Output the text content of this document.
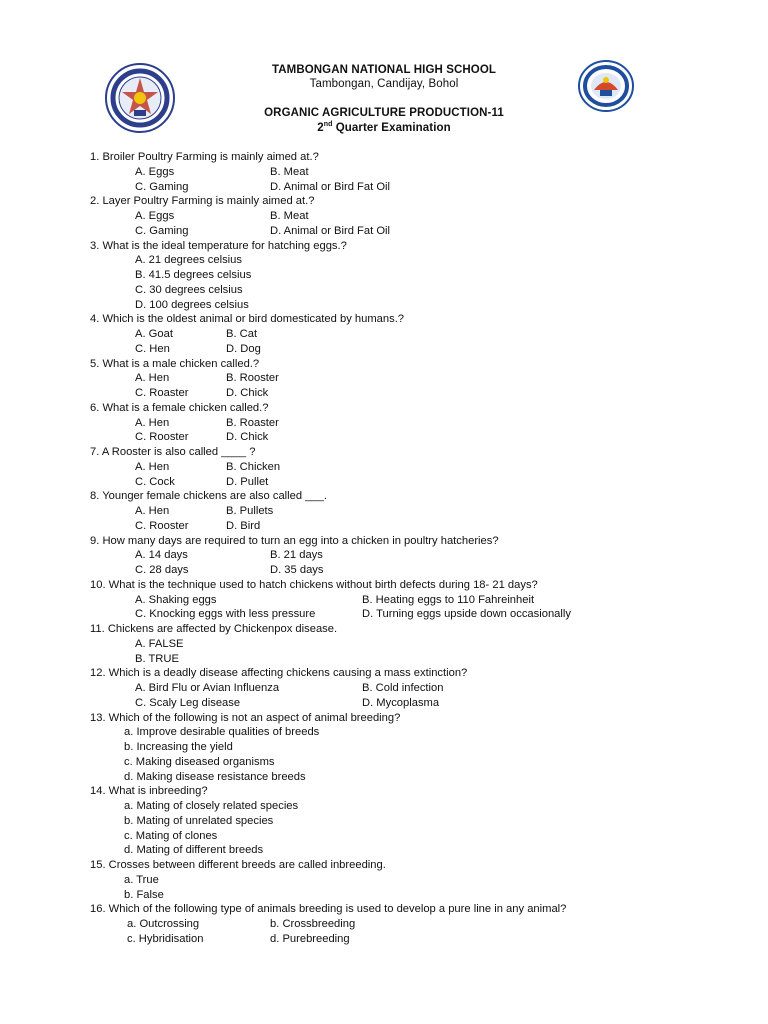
TAMBONGAN NATIONAL HIGH SCHOOL
Tambongan, Candijay, Bohol
ORGANIC AGRICULTURE PRODUCTION-11
2nd Quarter Examination
1. Broiler Poultry Farming is mainly aimed at.?
A. Eggs	B. Meat
C. Gaming	D. Animal or Bird Fat Oil
2. Layer Poultry Farming is mainly aimed at.?
A. Eggs	B. Meat
C. Gaming	D. Animal or Bird Fat Oil
3. What is the ideal temperature for hatching eggs.?
A. 21 degrees celsius
B. 41.5 degrees celsius
C. 30 degrees celsius
D. 100 degrees celsius
4. Which is the oldest animal or bird domesticated by humans.?
A. Goat	B. Cat
C. Hen	D. Dog
5. What is a male chicken called.?
A. Hen	B. Rooster
C. Roaster	D. Chick
6. What is a female chicken called.?
A. Hen	B. Roaster
C. Rooster	D. Chick
7. A Rooster is also called ____ ?
A. Hen	B. Chicken
C. Cock	D. Pullet
8. Younger female chickens are also called ___.
A. Hen	B. Pullets
C. Rooster	D. Bird
9. How many days are required to turn an egg into a chicken in poultry hatcheries?
A. 14 days	B. 21 days
C. 28 days	D. 35 days
10. What is the technique used to hatch chickens without birth defects during 18- 21 days?
A. Shaking eggs	B. Heating eggs to 110 Fahreinheit
C. Knocking eggs with less pressure	D. Turning eggs upside down occasionally
11. Chickens are affected by Chickenpox disease.
A. FALSE
B. TRUE
12. Which is a deadly disease affecting chickens causing a mass extinction?
A. Bird Flu or Avian Influenza	B. Cold infection
C. Scaly Leg disease	D. Mycoplasma
13. Which of the following is not an aspect of animal breeding?
a. Improve desirable qualities of breeds
b. Increasing the yield
c. Making diseased organisms
d. Making disease resistance breeds
14. What is inbreeding?
a. Mating of closely related species
b. Mating of unrelated species
c. Mating of clones
d. Mating of different breeds
15. Crosses between different breeds are called inbreeding.
a. True
b. False
16. Which of the following type of animals breeding is used to develop a pure line in any animal?
a. Outcrossing	b. Crossbreeding
c. Hybridisation	d. Purebreeding
